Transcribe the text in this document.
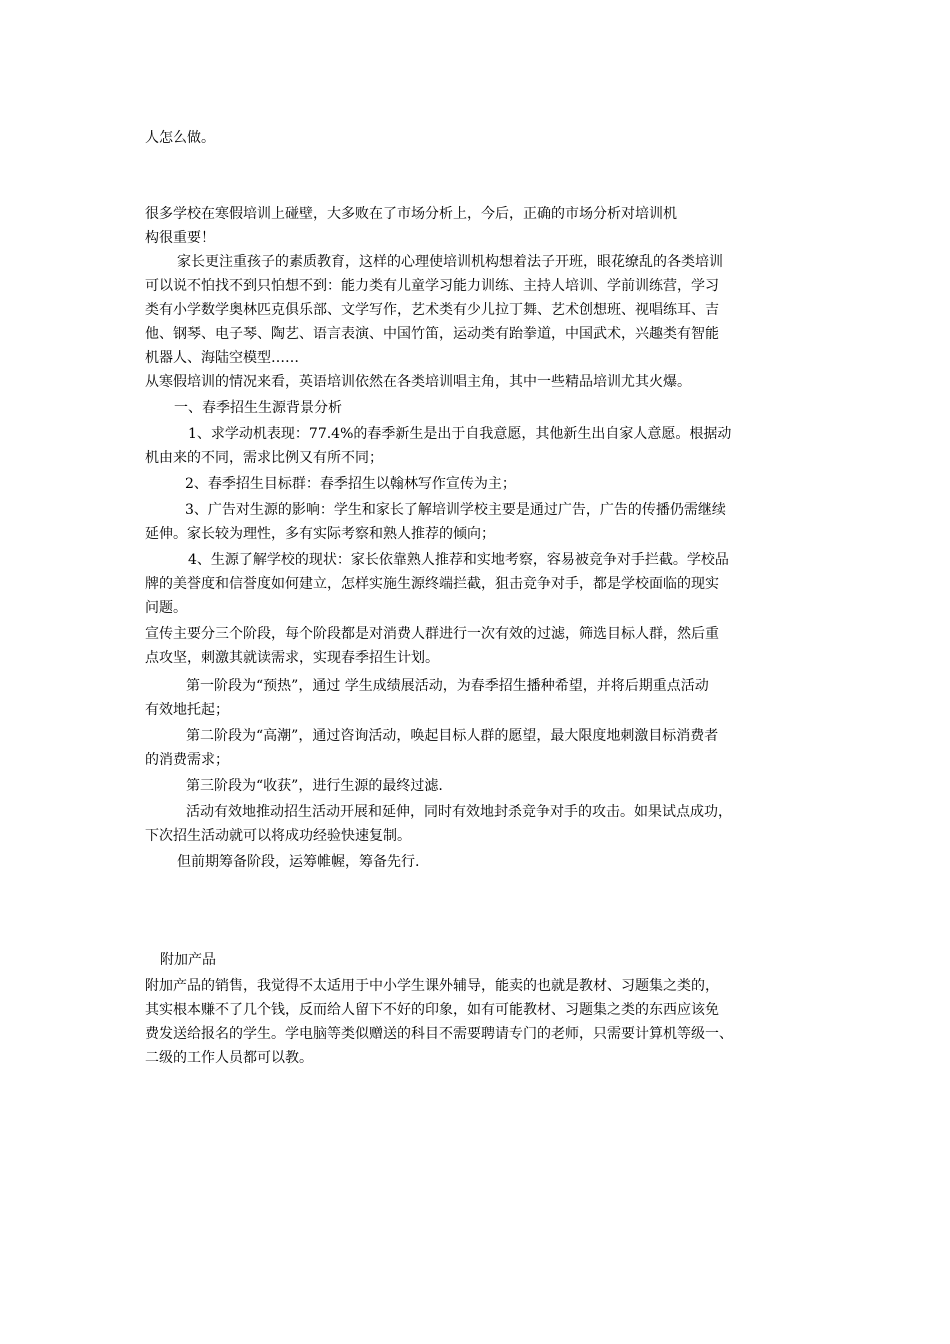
人怎么做。
很多学校在寒假培训上碰壁，大多败在了市场分析上，今后，正确的市场分析对培训机
构很重要！
家长更注重孩子的素质教育，这样的心理使培训机构想着法子开班，眼花缭乱的各类培训
可以说不怕找不到只怕想不到：能力类有儿童学习能力训练、主持人培训、学前训练营，学习
类有小学数学奥林匹克俱乐部、文学写作，艺术类有少儿拉丁舞、艺术创想班、视唱练耳、吉
他、钢琴、电子琴、陶艺、语言表演、中国竹笛，运动类有跆拳道，中国武术，兴趣类有智能
机器人、海陆空模型……
从寒假培训的情况来看，英语培训依然在各类培训唱主角，其中一些精品培训尤其火爆。
一、春季招生生源背景分析
1、求学动机表现：77.4%的春季新生是出于自我意愿，其他新生出自家人意愿。根据动
机由来的不同，需求比例又有所不同；
2、春季招生目标群：春季招生以翰林写作宣传为主；
3、广告对生源的影响：学生和家长了解培训学校主要是通过广告，广告的传播仍需继续
延伸。家长较为理性，多有实际考察和熟人推荐的倾向；
4、生源了解学校的现状：家长依靠熟人推荐和实地考察，容易被竞争对手拦截。学校品
牌的美誉度和信誉度如何建立，怎样实施生源终端拦截，狙击竞争对手，都是学校面临的现实
问题。
宣传主要分三个阶段，每个阶段都是对消费人群进行一次有效的过滤，筛选目标人群，然后重
点攻坚，刺激其就读需求，实现春季招生计划。
第一阶段为“预热”，通过 学生成绩展活动，为春季招生播种希望，并将后期重点活动
有效地托起；
第二阶段为“高潮”，通过咨询活动，唤起目标人群的愿望，最大限度地刺激目标消费者
的消费需求；
第三阶段为“收获”，进行生源的最终过滤.
活动有效地推动招生活动开展和延伸，同时有效地封杀竞争对手的攻击。如果试点成功，
下次招生活动就可以将成功经验快速复制。
但前期筹备阶段，运筹帷幄，筹备先行.
附加产品
附加产品的销售，我觉得不太适用于中小学生课外辅导，能卖的也就是教材、习题集之类的，
其实根本赚不了几个钱，反而给人留下不好的印象，如有可能教材、习题集之类的东西应该免
费发送给报名的学生。学电脑等类似赠送的科目不需要聘请专门的老师，只需要计算机等级一、
二级的工作人员都可以教。
